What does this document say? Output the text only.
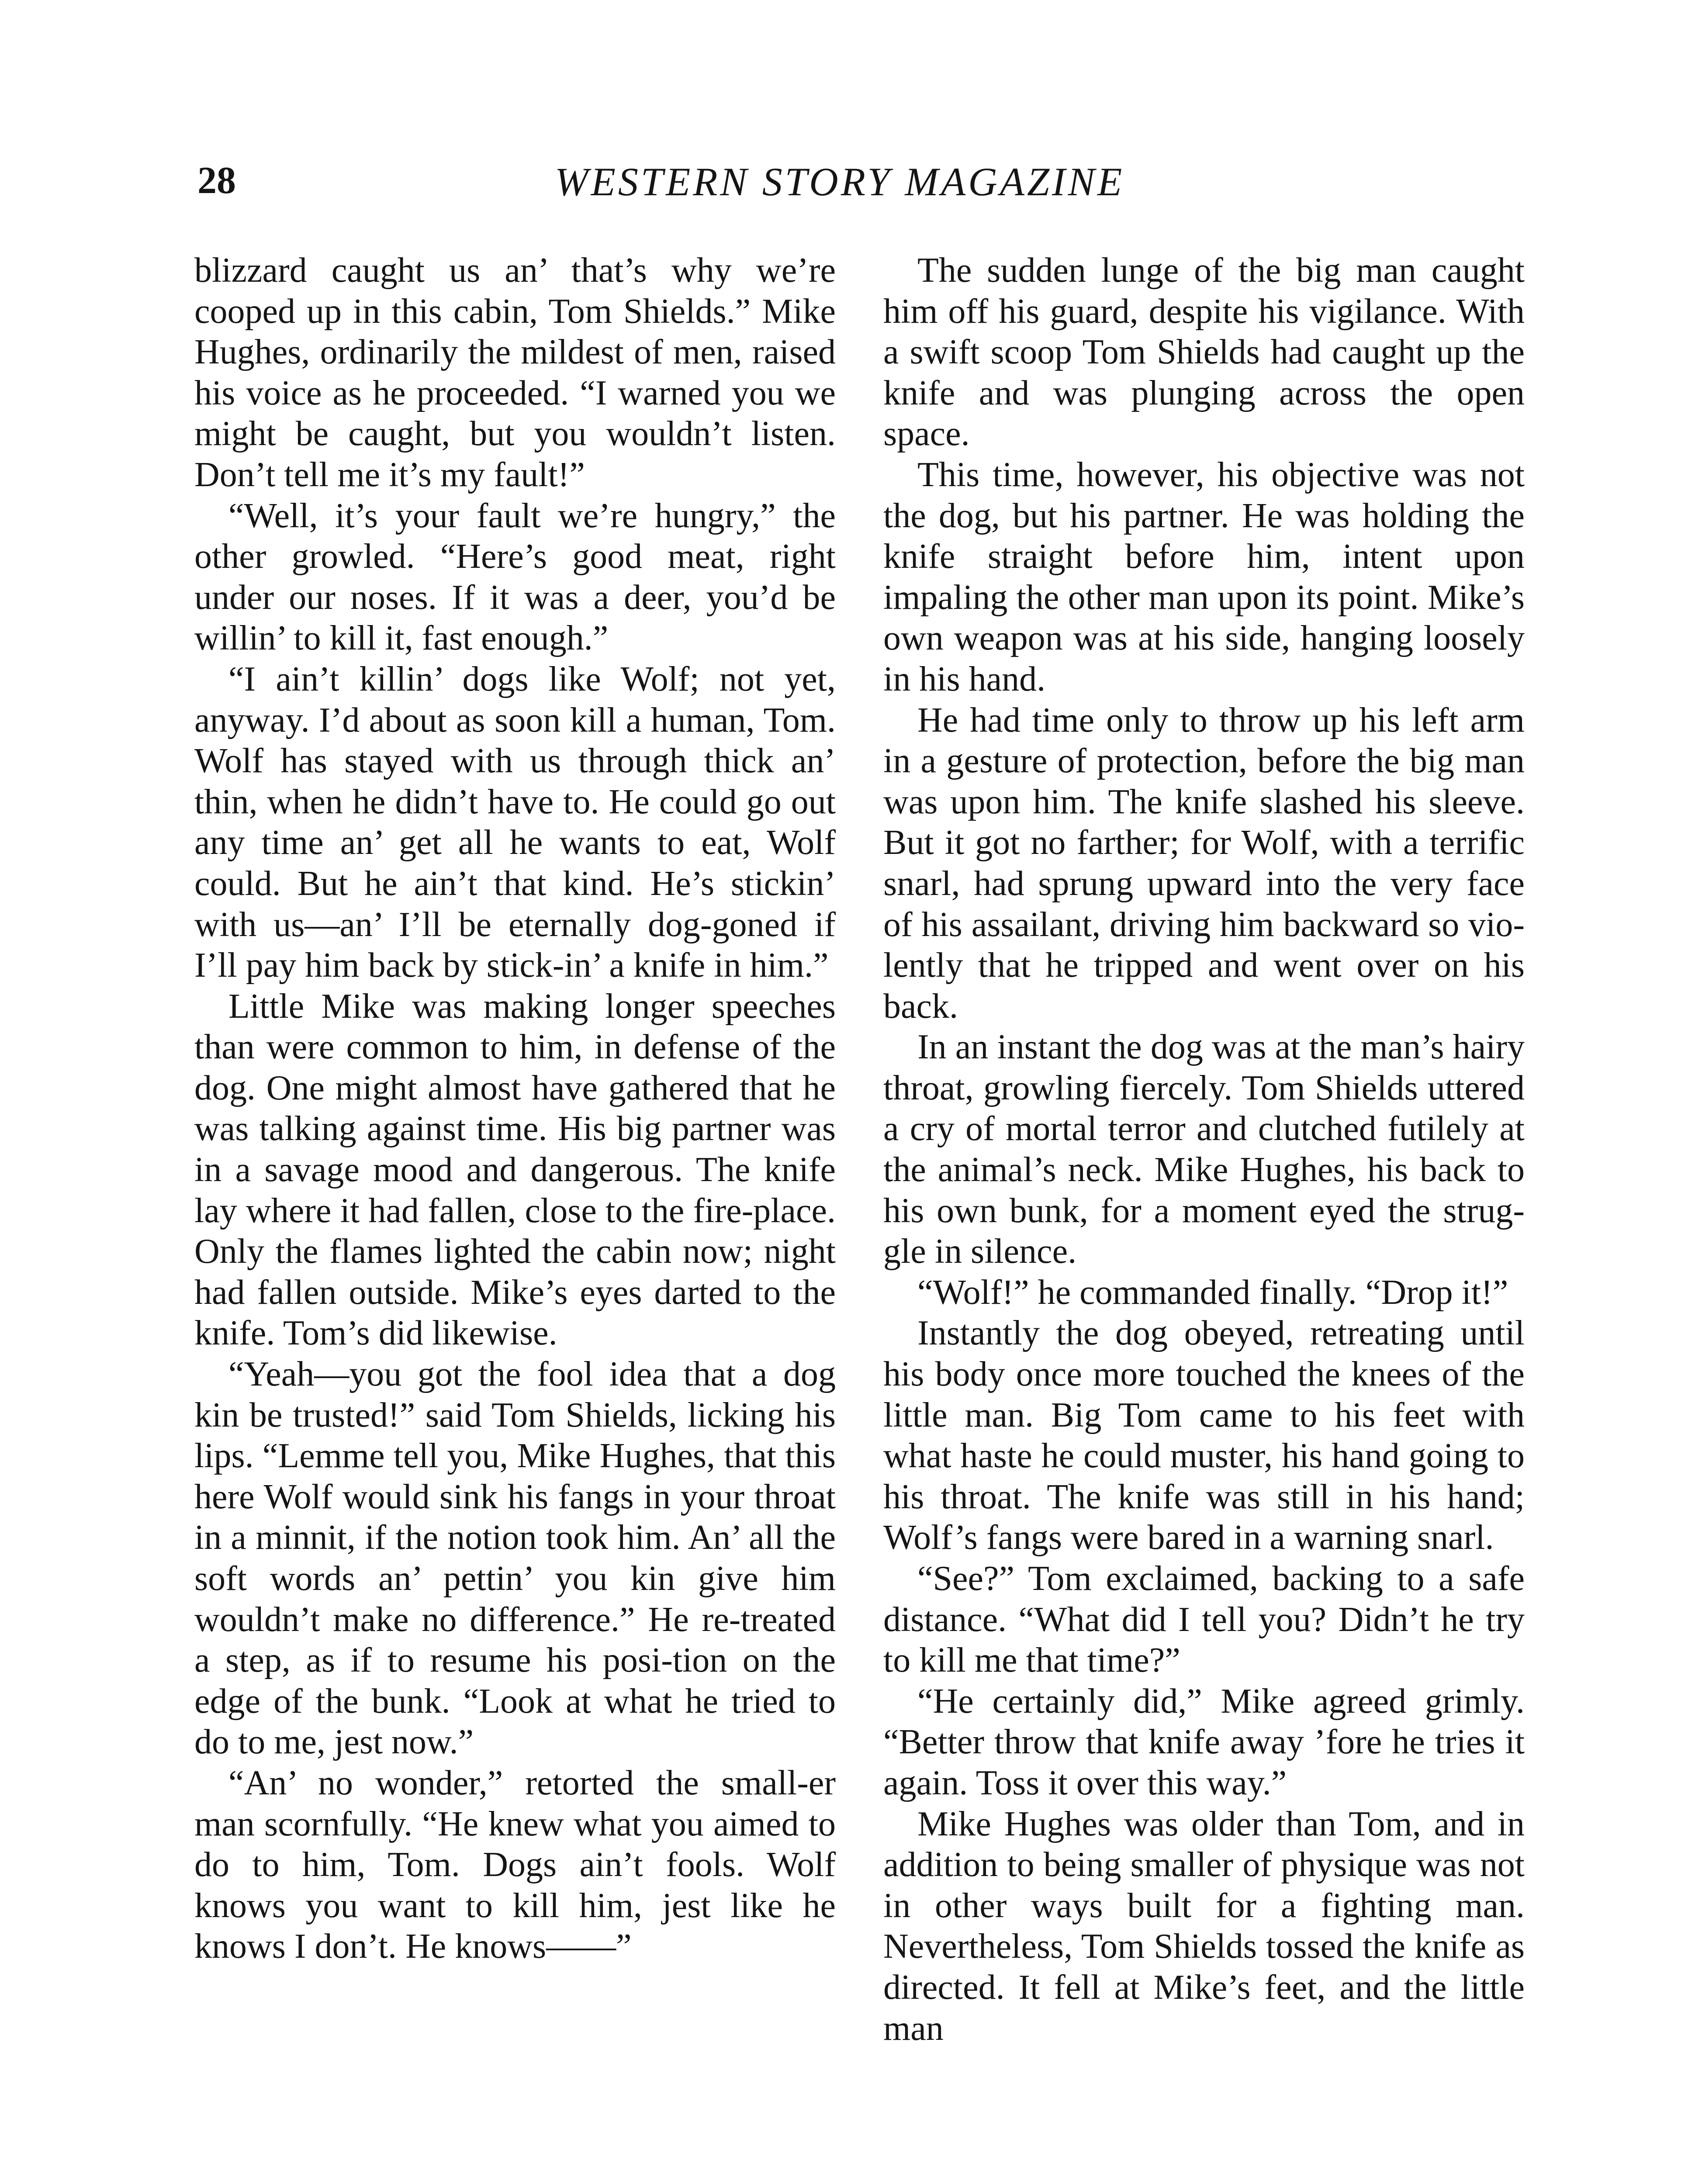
28	WESTERN STORY MAGAZINE

blizzard caught us an’ that’s why we’re cooped up in this cabin, Tom Shields.” Mike Hughes, ordinarily the mildest of men, raised his voice as he proceeded. “I warned you we might be caught, but you wouldn’t listen. Don’t tell me it’s my fault!”

“Well, it’s your fault we’re hungry,” the other growled. “Here’s good meat, right under our noses. If it was a deer, you’d be willin’ to kill it, fast enough.”

“I ain’t killin’ dogs like Wolf; not yet, anyway. I’d about as soon kill a human, Tom. Wolf has stayed with us through thick an’ thin, when he didn’t have to. He could go out any time an’ get all he wants to eat, Wolf could. But he ain’t that kind. He’s stickin’ with us—an’ I’ll be eternally dog-goned if I’ll pay him back by stick-in’ a knife in him.”

Little Mike was making longer speeches than were common to him, in defense of the dog. One might almost have gathered that he was talking against time. His big partner was in a savage mood and dangerous. The knife lay where it had fallen, close to the fire-place. Only the flames lighted the cabin now; night had fallen outside. Mike’s eyes darted to the knife. Tom’s did likewise.

“Yeah—you got the fool idea that a dog kin be trusted!” said Tom Shields, licking his lips. “Lemme tell you, Mike Hughes, that this here Wolf would sink his fangs in your throat in a minnit, if the notion took him. An’ all the soft words an’ pettin’ you kin give him wouldn’t make no difference.” He re-treated a step, as if to resume his posi-tion on the edge of the bunk. “Look at what he tried to do to me, jest now.”

“An’ no wonder,” retorted the small-er man scornfully. “He knew what you aimed to do to him, Tom. Dogs ain’t fools. Wolf knows you want to kill him, jest like he knows I don’t. He knows——”

The sudden lunge of the big man caught him off his guard, despite his vigilance. With a swift scoop Tom Shields had caught up the knife and was plunging across the open space.

This time, however, his objective was not the dog, but his partner. He was holding the knife straight before him, intent upon impaling the other man upon its point. Mike’s own weapon was at his side, hanging loosely in his hand.

He had time only to throw up his left arm in a gesture of protection, before the big man was upon him. The knife slashed his sleeve. But it got no farther; for Wolf, with a terrific snarl, had sprung upward into the very face of his assailant, driving him backward so vio-lently that he tripped and went over on his back.

In an instant the dog was at the man’s hairy throat, growling fiercely. Tom Shields uttered a cry of mortal terror and clutched futilely at the animal’s neck. Mike Hughes, his back to his own bunk, for a moment eyed the strug-gle in silence.

“Wolf!” he commanded finally. “Drop it!”

Instantly the dog obeyed, retreating until his body once more touched the knees of the little man. Big Tom came to his feet with what haste he could muster, his hand going to his throat. The knife was still in his hand; Wolf’s fangs were bared in a warning snarl.

“See?” Tom exclaimed, backing to a safe distance. “What did I tell you? Didn’t he try to kill me that time?”

“He certainly did,” Mike agreed grimly. “Better throw that knife away ’fore he tries it again. Toss it over this way.”

Mike Hughes was older than Tom, and in addition to being smaller of physique was not in other ways built for a fighting man. Nevertheless, Tom Shields tossed the knife as directed. It fell at Mike’s feet, and the little man
